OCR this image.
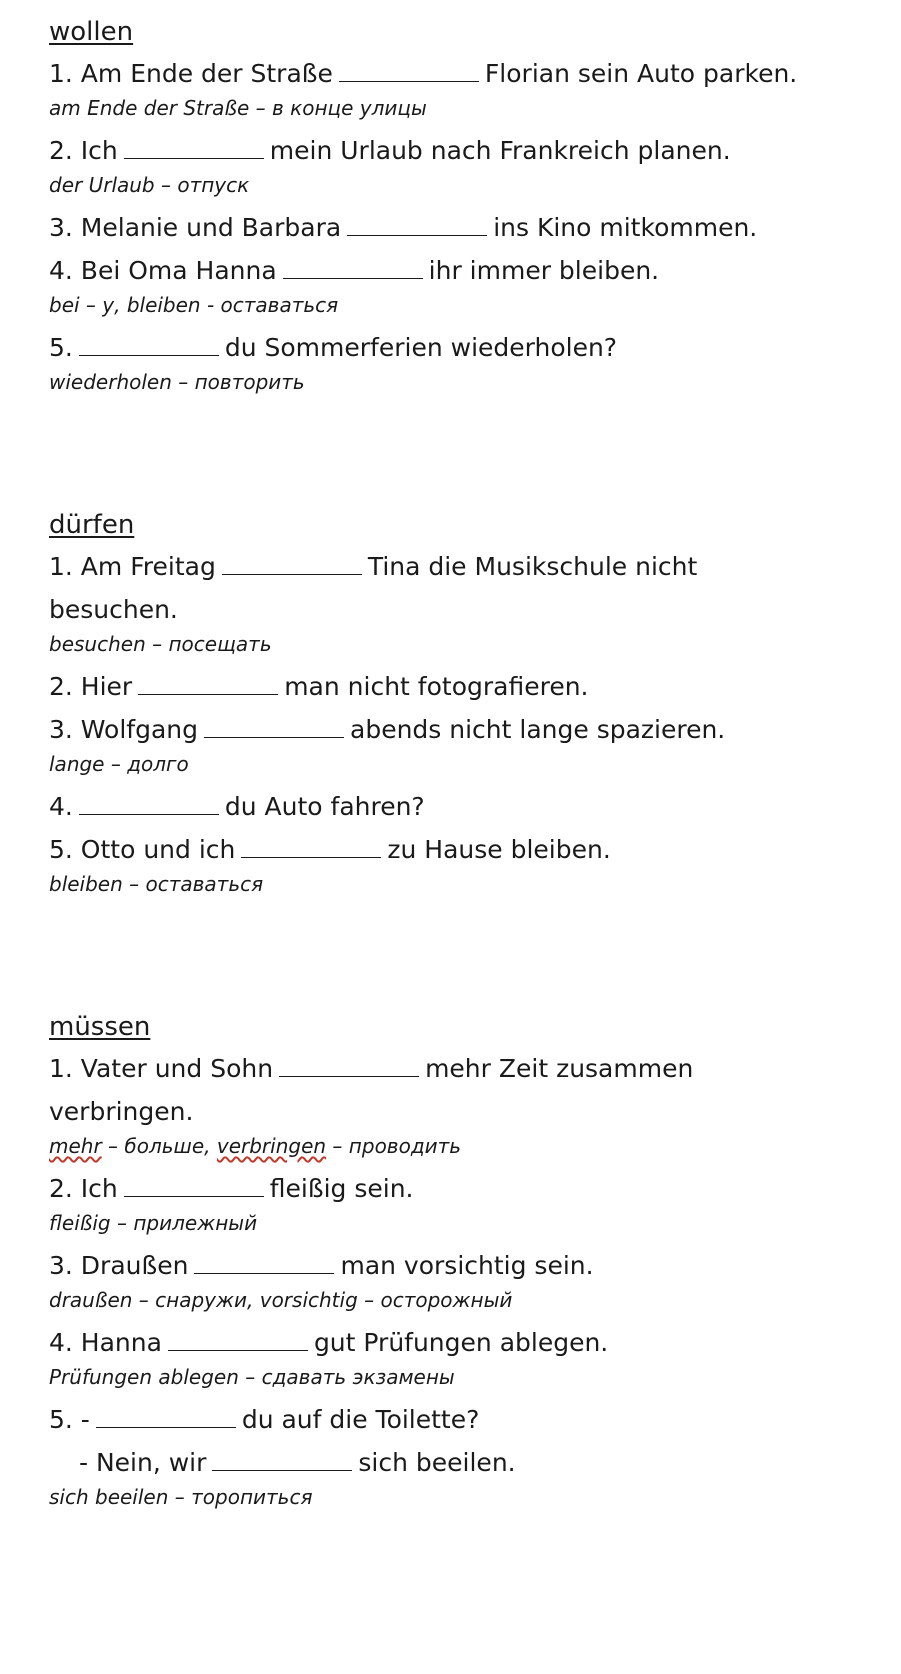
wollen
1. Am Ende der Straße	Florian sein Auto parken.
am Ende der Straße – в конце улицы
2. Ich	mein Urlaub nach Frankreich planen.
der Urlaub – отпуск
3. Melanie und Barbara	ins Kino mitkommen.
4. Bei Oma Hanna	ihr immer bleiben.
bei – у, bleiben - оставаться
5.	du Sommerferien wiederholen?
wiederholen – повторить
dürfen
1. Am Freitag	Tina die Musikschule nicht
besuchen.
besuchen – посещать
2. Hier	man nicht fotografieren.
3. Wolfgang	abends nicht lange spazieren.
lange – долго
4.	du Auto fahren?
5. Otto und ich	zu Hause bleiben.
bleiben – оставаться
müssen
1. Vater und Sohn	mehr Zeit zusammen
verbringen.
mehr – больше, verbringen – проводить
2. Ich	fleißig sein.
fleißig – прилежный
3. Draußen	man vorsichtig sein.
draußen – снаружи, vorsichtig – осторожный
4. Hanna	gut Prüfungen ablegen.
Prüfungen ablegen – сдавать экзамены
5. -	du auf die Toilette?
- Nein, wir	sich beeilen.
sich beeilen – торопиться
